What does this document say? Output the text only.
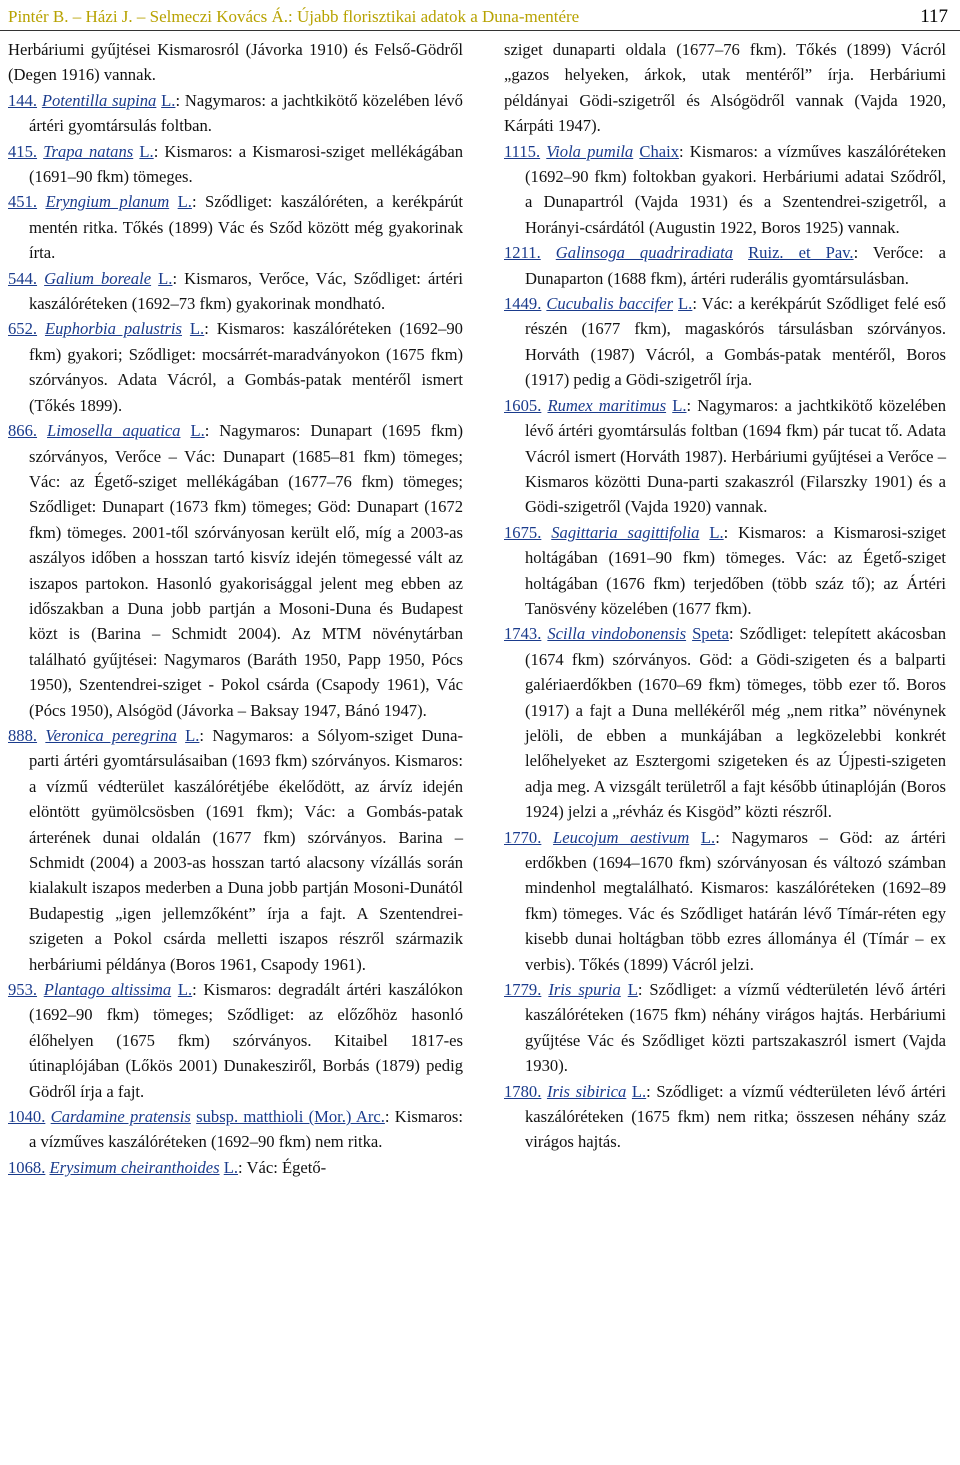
Pintér B. – Házi J. – Selmeczi Kovács Á.: Újabb florisztikai adatok a Duna-mentére	117

Herbáriumi gyűjtései Kismarosról (Jávorka 1910) és Felső-Gödről (Degen 1916) vannak.

144. Potentilla supina L.: Nagymaros: a jachtkikötő közelében lévő ártéri gyomtársulás foltban.

415. Trapa natans L.: Kismaros: a Kismarosi-sziget mellékágában (1691–90 fkm) tömeges.

451. Eryngium planum L.: Sződliget: kaszálóréten, a kerékpárút mentén ritka. Tőkés (1899) Vác és Sződ között még gyakorinak írta.

544. Galium boreale L.: Kismaros, Verőce, Vác, Sződliget: ártéri kaszálóréteken (1692–73 fkm) gyakorinak mondható.

652. Euphorbia palustris L.: Kismaros: kaszálóréteken (1692–90 fkm) gyakori; Sződliget: mocsárrét-maradványokon (1675 fkm) szórványos. Adata Vácról, a Gombás-patak mentéről ismert (Tőkés 1899).

866. Limosella aquatica L.: Nagymaros: Dunapart (1695 fkm) szórványos, Verőce – Vác: Dunapart (1685–81 fkm) tömeges; Vác: az Égető-sziget mellékágában (1677–76 fkm) tömeges; Sződliget: Dunapart (1673 fkm) tömeges; Göd: Dunapart (1672 fkm) tömeges. 2001-től szórványosan került elő, míg a 2003-as aszályos időben a hosszan tartó kisvíz idején tömegessé vált az iszapos partokon. Hasonló gyakorisággal jelent meg ebben az időszakban a Duna jobb partján a Mosoni-Duna és Budapest közt is (Barina – Schmidt 2004). Az MTM növénytárban található gyűjtései: Nagymaros (Baráth 1950, Papp 1950, Pócs 1950), Szentendrei-sziget - Pokol csárda (Csapody 1961), Vác (Pócs 1950), Alsógöd (Jávorka – Baksay 1947, Bánó 1947).

888. Veronica peregrina L.: Nagymaros: a Sólyom-sziget Duna-parti ártéri gyomtársulásaiban (1693 fkm) szórványos. Kismaros: a vízmű védterület kaszálórétjébe ékelődött, az árvíz idején elöntött gyümölcsösben (1691 fkm); Vác: a Gombás-patak árterének dunai oldalán (1677 fkm) szórványos. Barina – Schmidt (2004) a 2003-as hosszan tartó alacsony vízállás során kialakult iszapos mederben a Duna jobb partján Mosoni-Dunától Budapestig „igen jellemzőként” írja a fajt. A Szentendrei-szigeten a Pokol csárda melletti iszapos részről származik herbáriumi példánya (Boros 1961, Csapody 1961).

953. Plantago altissima L.: Kismaros: degradált ártéri kaszálókon (1692–90 fkm) tömeges; Sződliget: az előzőhöz hasonló élőhelyen (1675 fkm) szórványos. Kitaibel 1817-es útinaplójában (Lőkös 2001) Dunakesziről, Borbás (1879) pedig Gödről írja a fajt.

1040. Cardamine pratensis subsp. matthioli (Mor.) Arc.: Kismaros: a vízműves kaszálóréteken (1692–90 fkm) nem ritka.

1068. Erysimum cheiranthoides L.: Vác: Égető-

sziget dunaparti oldala (1677–76 fkm). Tőkés (1899) Vácról „gazos helyeken, árkok, utak mentéről” írja. Herbáriumi példányai Gödi-szigetről és Alsógödről vannak (Vajda 1920, Kárpáti 1947).

1115. Viola pumila Chaix: Kismaros: a vízműves kaszálóréteken (1692–90 fkm) foltokban gyakori. Herbáriumi adatai Sződről, a Dunapartról (Vajda 1931) és a Szentendrei-szigetről, a Horányi-csárdától (Augustin 1922, Boros 1925) vannak.

1211. Galinsoga quadriradiata Ruiz. et Pav.: Verőce: a Dunaparton (1688 fkm), ártéri ruderális gyomtársulásban.

1449. Cucubalis baccifer L.: Vác: a kerékpárút Sződliget felé eső részén (1677 fkm), magaskórós társulásban szórványos. Horváth (1987) Vácról, a Gombás-patak mentéről, Boros (1917) pedig a Gödi-szigetről írja.

1605. Rumex maritimus L.: Nagymaros: a jachtkikötő közelében lévő ártéri gyomtársulás foltban (1694 fkm) pár tucat tő. Adata Vácról ismert (Horváth 1987). Herbáriumi gyűjtései a Verőce – Kismaros közötti Duna-parti szakaszról (Filarszky 1901) és a Gödi-szigetről (Vajda 1920) vannak.

1675. Sagittaria sagittifolia L.: Kismaros: a Kismarosi-sziget holtágában (1691–90 fkm) tömeges. Vác: az Égető-sziget holtágában (1676 fkm) terjedőben (több száz tő); az Ártéri Tanösvény közelében (1677 fkm).

1743. Scilla vindobonensis Speta: Sződliget: telepített akácosban (1674 fkm) szórványos. Göd: a Gödi-szigeten és a balparti galériaerdőkben (1670–69 fkm) tömeges, több ezer tő. Boros (1917) a fajt a Duna mellékéről még „nem ritka” növénynek jelöli, de ebben a munkájában a legközelebbi konkrét lelőhelyeket az Esztergomi szigeteken és az Újpesti-szigeten adja meg. A vizsgált területről a fajt később útinaplóján (Boros 1924) jelzi a „révház és Kisgöd” közti részről.

1770. Leucojum aestivum L.: Nagymaros – Göd: az ártéri erdőkben (1694–1670 fkm) szórványosan és változó számban mindenhol megtalálható. Kismaros: kaszálóréteken (1692–89 fkm) tömeges. Vác és Sződliget határán lévő Tímár-réten egy kisebb dunai holtágban több ezres állománya él (Tímár – ex verbis). Tőkés (1899) Vácról jelzi.

1779. Iris spuria L: Sződliget: a vízmű védterületén lévő ártéri kaszálóréteken (1675 fkm) néhány virágos hajtás. Herbáriumi gyűjtése Vác és Sződliget közti partszakaszról ismert (Vajda 1930).

1780. Iris sibirica L.: Sződliget: a vízmű védterületen lévő ártéri kaszálóréteken (1675 fkm) nem ritka; összesen néhány száz virágos hajtás.
